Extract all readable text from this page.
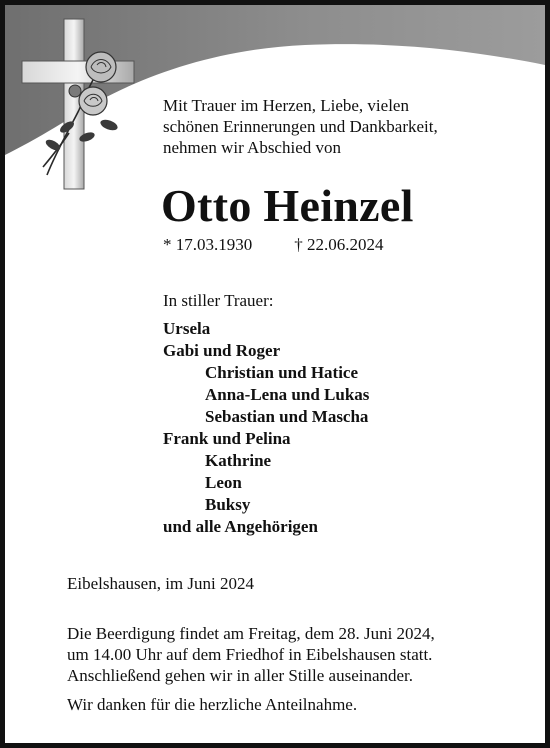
Mit Trauer im Herzen, Liebe, vielen
schönen Erinnerungen und Dankbarkeit,
nehmen wir Abschied von
Otto Heinzel
* 17.03.1930 † 22.06.2024
In stiller Trauer:
Ursela
Gabi und Roger
Christian und Hatice
Anna-Lena und Lukas
Sebastian und Mascha
Frank und Pelina
Kathrine
Leon
Buksy
und alle Angehörigen
Eibelshausen, im Juni 2024
Die Beerdigung findet am Freitag, dem 28. Juni 2024,
um 14.00 Uhr auf dem Friedhof in Eibelshausen statt.
Anschließend gehen wir in aller Stille auseinander.
Wir danken für die herzliche Anteilnahme.
